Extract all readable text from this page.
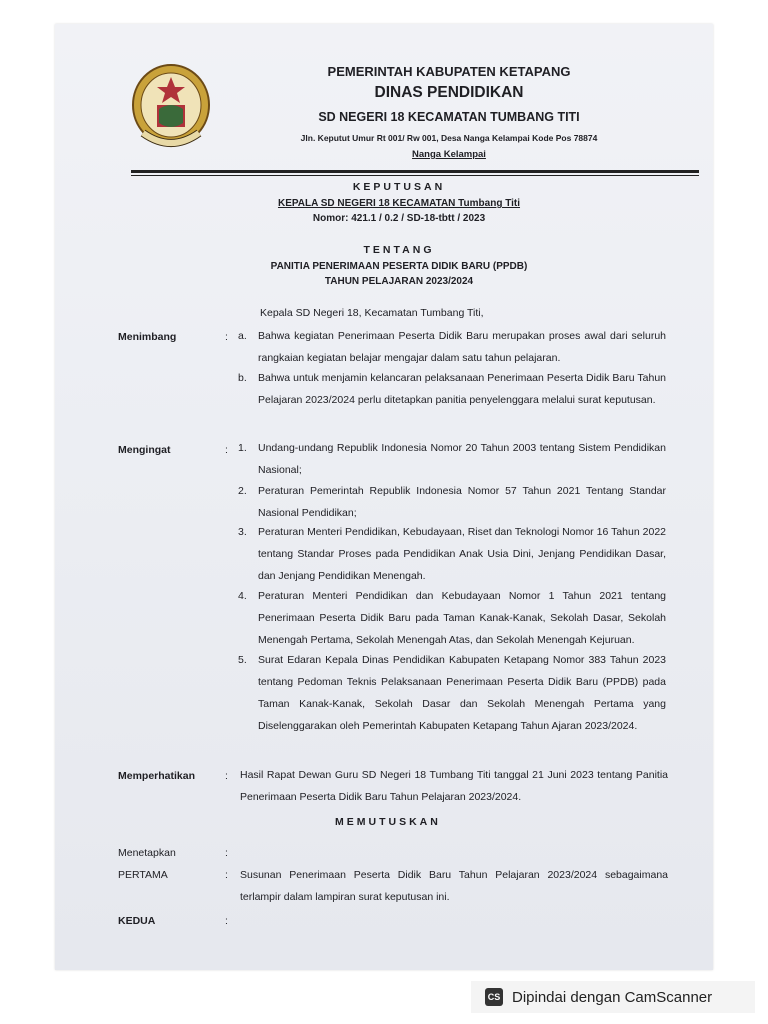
PEMERINTAH KABUPATEN KETAPANG
DINAS PENDIDIKAN
SD NEGERI 18 KECAMATAN TUMBANG TITI
Jln. Keputut Umur Rt 001/ Rw 001, Desa Nanga Kelampai Kode Pos 78874
Nanga Kelampai
KEPUTUSAN
KEPALA SD NEGERI 18 KECAMATAN Tumbang Titi
Nomor: 421.1 / 0.2 / SD-18-tbtt / 2023
TENTANG
PANITIA PENERIMAAN PESERTA DIDIK BARU (PPDB)
TAHUN PELAJARAN 2023/2024
Kepala SD Negeri 18, Kecamatan Tumbang Titi,
Menimbang	: a. Bahwa kegiatan Penerimaan Peserta Didik Baru merupakan proses awal dari seluruh rangkaian kegiatan belajar mengajar dalam satu tahun pelajaran.
b. Bahwa untuk menjamin kelancaran pelaksanaan Penerimaan Peserta Didik Baru Tahun Pelajaran 2023/2024 perlu ditetapkan panitia penyelenggara melalui surat keputusan.
Mengingat	: 1. Undang-undang Republik Indonesia Nomor 20 Tahun 2003 tentang Sistem Pendidikan Nasional;
2. Peraturan Pemerintah Republik Indonesia Nomor 57 Tahun 2021 Tentang Standar Nasional Pendidikan;
3. Peraturan Menteri Pendidikan, Kebudayaan, Riset dan Teknologi Nomor 16 Tahun 2022 tentang Standar Proses pada Pendidikan Anak Usia Dini, Jenjang Pendidikan Dasar, dan Jenjang Pendidikan Menengah.
4. Peraturan Menteri Pendidikan dan Kebudayaan Nomor 1 Tahun 2021 tentang Penerimaan Peserta Didik Baru pada Taman Kanak-Kanak, Sekolah Dasar, Sekolah Menengah Pertama, Sekolah Menengah Atas, dan Sekolah Menengah Kejuruan.
5. Surat Edaran Kepala Dinas Pendidikan Kabupaten Ketapang Nomor 383 Tahun 2023 tentang Pedoman Teknis Pelaksanaan Penerimaan Peserta Didik Baru (PPDB) pada Taman Kanak-Kanak, Sekolah Dasar dan Sekolah Menengah Pertama yang Diselenggarakan oleh Pemerintah Kabupaten Ketapang Tahun Ajaran 2023/2024.
Memperhatikan	: Hasil Rapat Dewan Guru SD Negeri 18 Tumbang Titi tanggal 21 Juni 2023 tentang Panitia Penerimaan Peserta Didik Baru Tahun Pelajaran 2023/2024.
MEMUTUSKAN
Menetapkan	:
PERTAMA	: Susunan Penerimaan Peserta Didik Baru Tahun Pelajaran 2023/2024 sebagaimana terlampir dalam lampiran surat keputusan ini.
KEDUA	:
CS Dipindai dengan CamScanner
